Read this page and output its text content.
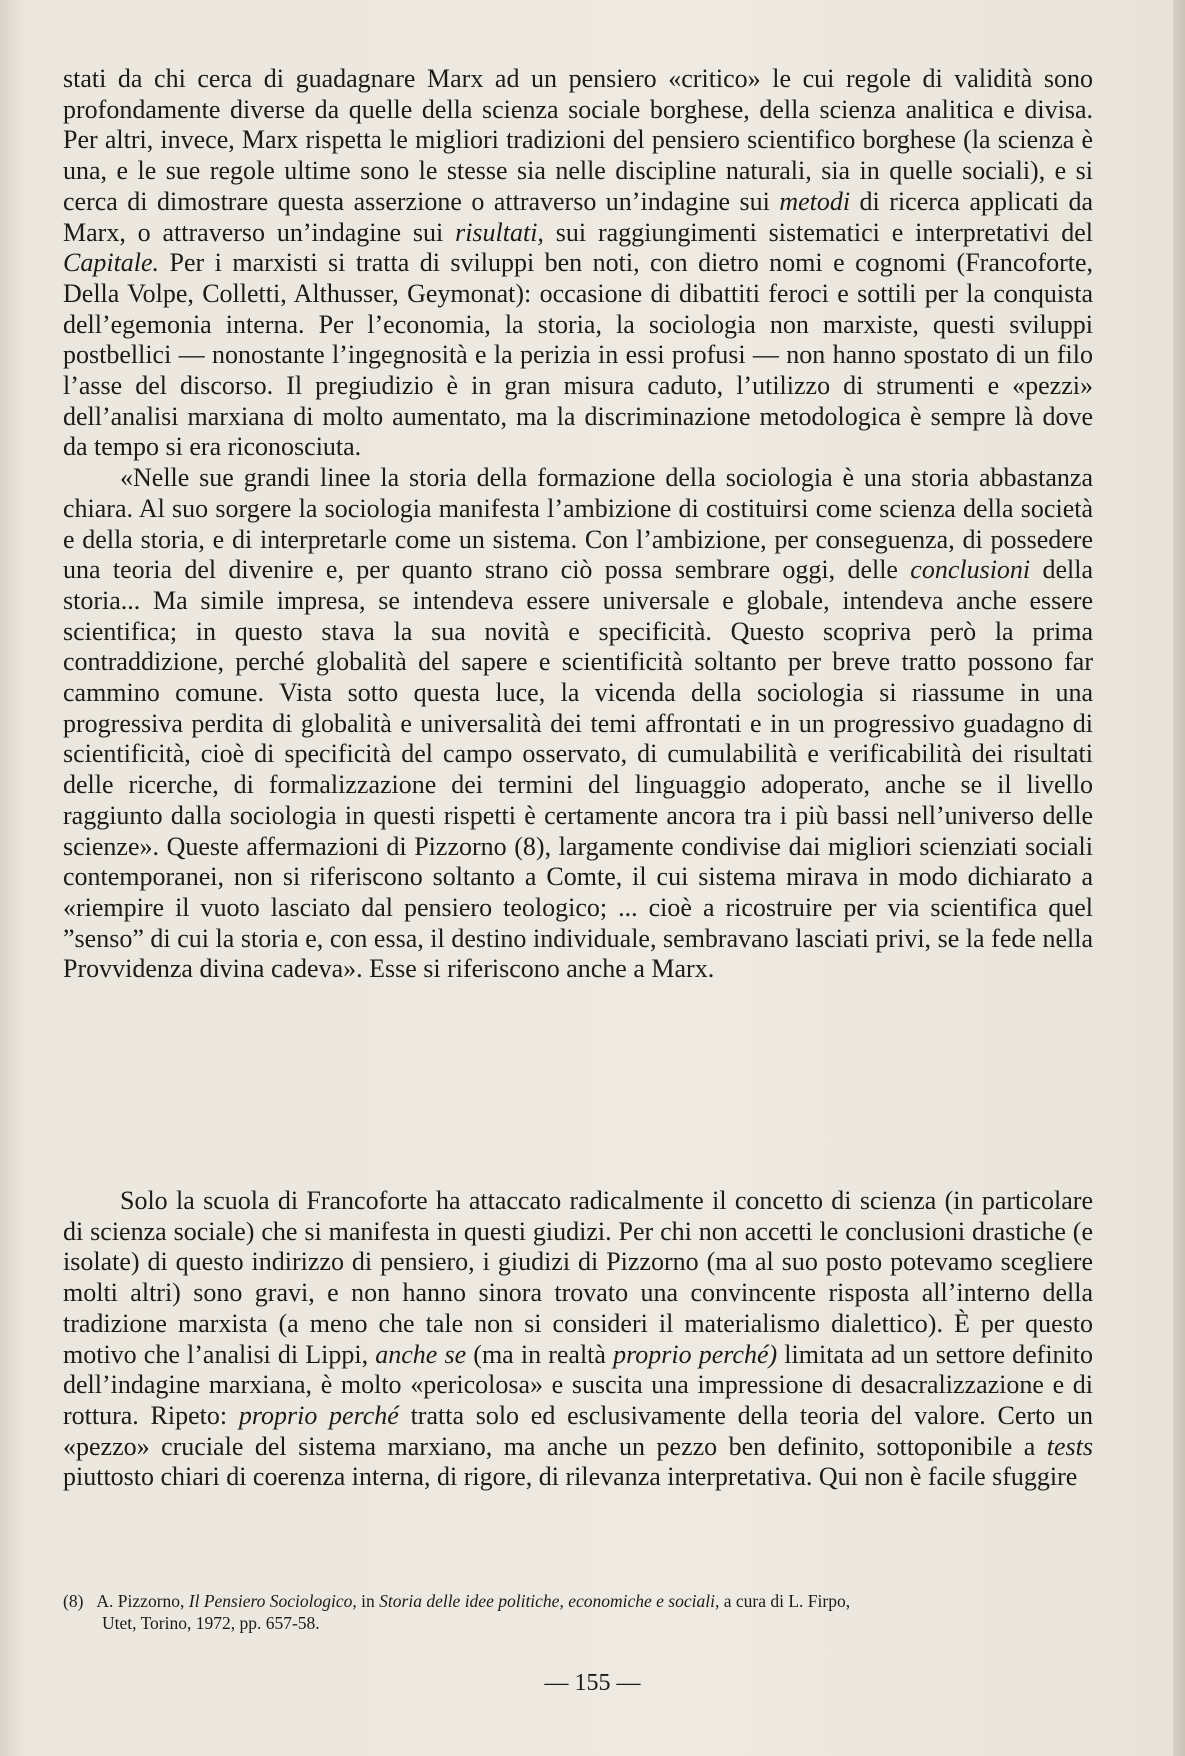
stati da chi cerca di guadagnare Marx ad un pensiero «critico» le cui regole di validità sono profondamente diverse da quelle della scienza sociale borghese, della scienza analitica e divisa. Per altri, invece, Marx rispetta le migliori tradizioni del pensiero scientifico borghese (la scienza è una, e le sue regole ultime sono le stesse sia nelle discipline naturali, sia in quelle sociali), e si cerca di dimostrare questa asserzione o attraverso un’indagine sui metodi di ricerca applicati da Marx, o attraverso un’indagine sui risultati, sui raggiungimenti sistematici e interpretativi del Capitale. Per i marxisti si tratta di sviluppi ben noti, con dietro nomi e cognomi (Francoforte, Della Volpe, Colletti, Althusser, Geymonat): occasione di dibattiti feroci e sottili per la conquista dell’egemonia interna. Per l’economia, la storia, la sociologia non marxiste, questi sviluppi postbellici — nonostante l’ingegnosità e la perizia in essi profusi — non hanno spostato di un filo l’asse del discorso. Il pregiudizio è in gran misura caduto, l’utilizzo di strumenti e «pezzi» dell’analisi marxiana di molto aumentato, ma la discriminazione metodologica è sempre là dove da tempo si era riconosciuta.

«Nelle sue grandi linee la storia della formazione della sociologia è una storia abbastanza chiara. Al suo sorgere la sociologia manifesta l’ambizione di costituirsi come scienza della società e della storia, e di interpretarle come un sistema. Con l’ambizione, per conseguenza, di possedere una teoria del divenire e, per quanto strano ciò possa sembrare oggi, delle conclusioni della storia... Ma simile impresa, se intendeva essere universale e globale, intendeva anche essere scientifica; in questo stava la sua novità e specificità. Questo scopriva però la prima contraddizione, perché globalità del sapere e scientificità soltanto per breve tratto possono far cammino comune. Vista sotto questa luce, la vicenda della sociologia si riassume in una progressiva perdita di globalità e universalità dei temi affrontati e in un progressivo guadagno di scientificità, cioè di specificità del campo osservato, di cumulabilità e verificabilità dei risultati delle ricerche, di formalizzazione dei termini del linguaggio adoperato, anche se il livello raggiunto dalla sociologia in questi rispetti è certamente ancora tra i più bassi nell’universo delle scienze». Queste affermazioni di Pizzorno (8), largamente condivise dai migliori scienziati sociali contemporanei, non si riferiscono soltanto a Comte, il cui sistema mirava in modo dichiarato a «riempire il vuoto lasciato dal pensiero teologico; ... cioè a ricostruire per via scientifica quel ”senso” di cui la storia e, con essa, il destino individuale, sembravano lasciati privi, se la fede nella Provvidenza divina cadeva». Esse si riferiscono anche a Marx.

Solo la scuola di Francoforte ha attaccato radicalmente il concetto di scienza (in particolare di scienza sociale) che si manifesta in questi giudizi. Per chi non accetti le conclusioni drastiche (e isolate) di questo indirizzo di pensiero, i giudizi di Pizzorno (ma al suo posto potevamo scegliere molti altri) sono gravi, e non hanno sinora trovato una convincente risposta all’interno della tradizione marxista (a meno che tale non si consideri il materialismo dialettico). È per questo motivo che l’analisi di Lippi, anche se (ma in realtà proprio perché) limitata ad un settore definito dell’indagine marxiana, è molto «pericolosa» e suscita una impressione di desacralizzazione e di rottura. Ripeto: proprio perché tratta solo ed esclusivamente della teoria del valore. Certo un «pezzo» cruciale del sistema marxiano, ma anche un pezzo ben definito, sottoponibile a tests piuttosto chiari di coerenza interna, di rigore, di rilevanza interpretativa. Qui non è facile sfuggire

(8) A. Pizzorno, Il Pensiero Sociologico, in Storia delle idee politiche, economiche e sociali, a cura di L. Firpo,
Utet, Torino, 1972, pp. 657-58.
— 155 —
